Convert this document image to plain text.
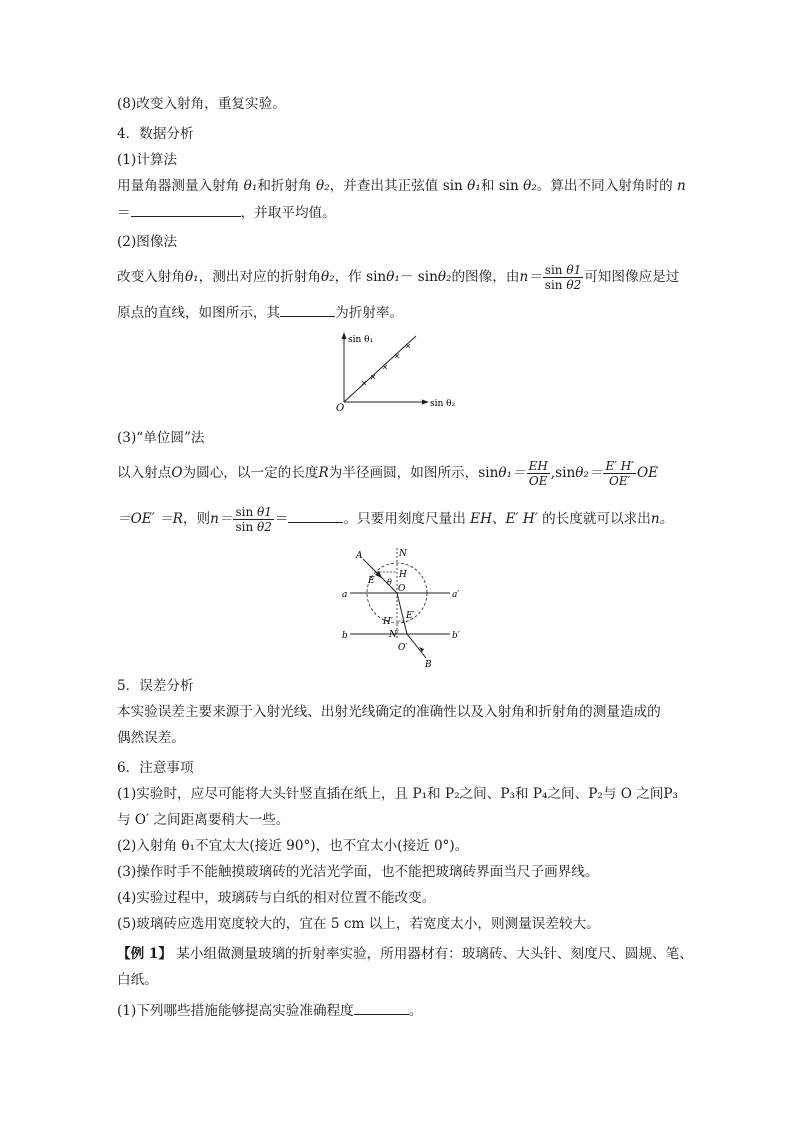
(8)改变入射角，重复实验。
4．数据分析
(1)计算法
用量角器测量入射角 θ₁和折射角 θ₂，并查出其正弦值 sin θ₁和 sin θ₂。算出不同入射角时的 n
＝	，并取平均值。
(2)图像法
改变入射角θ₁，测出对应的折射角θ₂，作 sinθ₁－ sinθ₂的图像，由$n= \frac{\text{sin θ1}}{\text{sin θ2}}$ 可知图像应是过
原点的直线，如图所示，其	为折射率。
sin θ₁
sin θ₂
O
(3)“单位圆”法
以入射点O为圆心，以一定的长度R为半径画圆，如图所示，$\sin\theta_1= \frac{EH}{OE} ,\sin\theta_2= \frac{E' H'}{OE'}$ OE
＝OE′ ＝R，则$n= \frac{\text{sin θ1}}{\text{sin θ2}}$ ＝	。只要用刻度尺量出 EH、E′ H′ 的长度就可以求出n。
A	N
E
H
θ
O
a	a′
H′
E′
N′
b	b′
O′
B
5．误差分析
本实验误差主要来源于入射光线、出射光线确定的准确性以及入射角和折射角的测量造成的
偶然误差。
6．注意事项
(1)实验时，应尽可能将大头针竖直插在纸上，且 P₁和 P₂之间、P₃和 P₄之间、P₂与 O 之间P₃
与 O′ 之间距离要稍大一些。
(2)入射角 θ₁不宜太大(接近 90°)，也不宜太小(接近 0°)。
(3)操作时手不能触摸玻璃砖的光洁光学面，也不能把玻璃砖界面当尺子画界线。
(4)实验过程中，玻璃砖与白纸的相对位置不能改变。
(5)玻璃砖应选用宽度较大的，宜在 5 cm 以上，若宽度太小，则测量误差较大。
【例 1】 某小组做测量玻璃的折射率实验，所用器材有：玻璃砖、大头针、刻度尺、圆规、笔、
白纸。
(1)下列哪些措施能够提高实验准确程度	。
